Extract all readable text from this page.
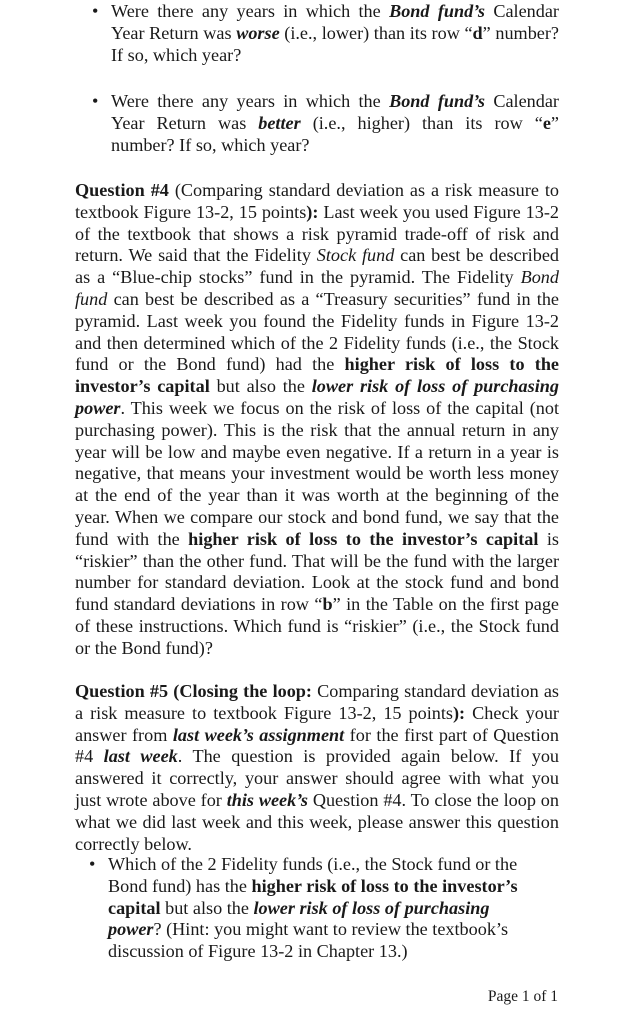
• Were there any years in which the Bond fund’s Calendar Year Return was worse (i.e., lower) than its row “d” number? If so, which year?

• Were there any years in which the Bond fund’s Calendar Year Return was better (i.e., higher) than its row “e” number? If so, which year?

Question #4 (Comparing standard deviation as a risk measure to textbook Figure 13-2, 15 points): Last week you used Figure 13-2 of the textbook that shows a risk pyramid trade-off of risk and return. We said that the Fidelity Stock fund can best be described as a “Blue-chip stocks” fund in the pyramid. The Fidelity Bond fund can best be described as a “Treasury securities” fund in the pyramid. Last week you found the Fidelity funds in Figure 13-2 and then determined which of the 2 Fidelity funds (i.e., the Stock fund or the Bond fund) had the higher risk of loss to the investor’s capital but also the lower risk of loss of purchasing power. This week we focus on the risk of loss of the capital (not purchasing power). This is the risk that the annual return in any year will be low and maybe even negative. If a return in a year is negative, that means your investment would be worth less money at the end of the year than it was worth at the beginning of the year. When we compare our stock and bond fund, we say that the fund with the higher risk of loss to the investor’s capital is “riskier” than the other fund. That will be the fund with the larger number for standard deviation. Look at the stock fund and bond fund standard deviations in row “b” in the Table on the first page of these instructions. Which fund is “riskier” (i.e., the Stock fund or the Bond fund)?

Question #5 (Closing the loop: Comparing standard deviation as a risk measure to textbook Figure 13-2, 15 points): Check your answer from last week’s assignment for the first part of Question #4 last week. The question is provided again below. If you answered it correctly, your answer should agree with what you just wrote above for this week’s Question #4. To close the loop on what we did last week and this week, please answer this question correctly below.

• Which of the 2 Fidelity funds (i.e., the Stock fund or the Bond fund) has the higher risk of loss to the investor’s capital but also the lower risk of loss of purchasing power? (Hint: you might want to review the textbook’s discussion of Figure 13-2 in Chapter 13.)

Page 1 of 1
